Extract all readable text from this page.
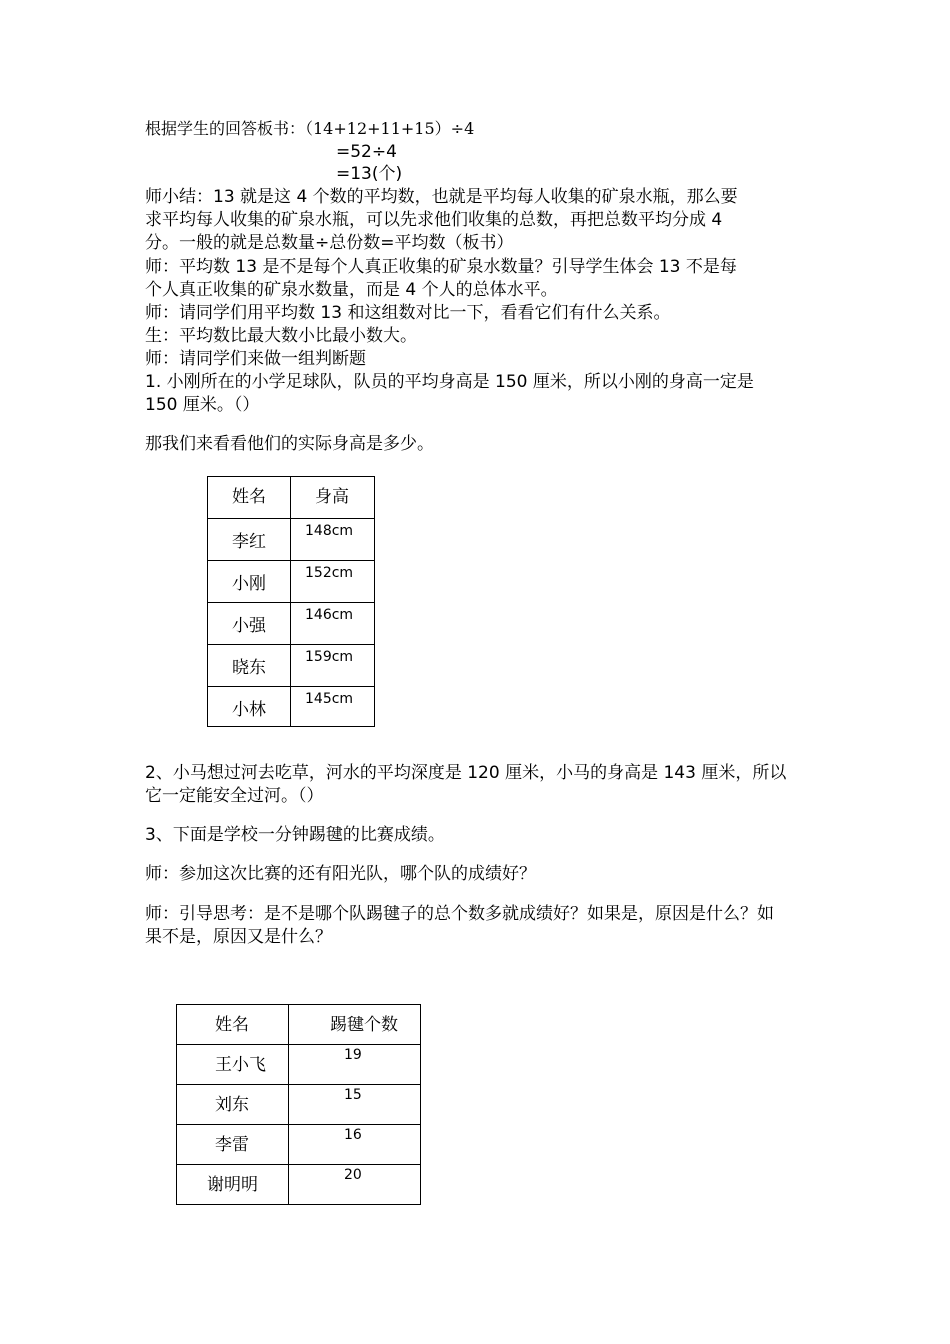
根据学生的回答板书：（14+12+11+15）÷4
=52÷4
=13(个)
师小结：13 就是这 4 个数的平均数，也就是平均每人收集的矿泉水瓶，那么要
求平均每人收集的矿泉水瓶，可以先求他们收集的总数，再把总数平均分成 4
分。一般的就是总数量÷总份数=平均数（板书）
师：平均数 13 是不是每个人真正收集的矿泉水数量？引导学生体会 13 不是每
个人真正收集的矿泉水数量，而是 4 个人的总体水平。
师：请同学们用平均数 13 和这组数对比一下，看看它们有什么关系。
生：平均数比最大数小比最小数大。
师：请同学们来做一组判断题
1. 小刚所在的小学足球队，队员的平均身高是 150 厘米，所以小刚的身高一定是
150 厘米。（）
那我们来看看他们的实际身高是多少。
姓名	身高

李红	148cm

小刚	152cm

小强	146cm

晓东	159cm

小林	145cm
2、小马想过河去吃草，河水的平均深度是 120 厘米，小马的身高是 143 厘米，所以
它一定能安全过河。（）
3、下面是学校一分钟踢毽的比赛成绩。
师：参加这次比赛的还有阳光队，哪个队的成绩好？
师：引导思考：是不是哪个队踢毽子的总个数多就成绩好？如果是，原因是什么？如
果不是，原因又是什么？
姓名	踢毽个数

王小飞	19

刘东	15

李雷	16

谢明明	20
